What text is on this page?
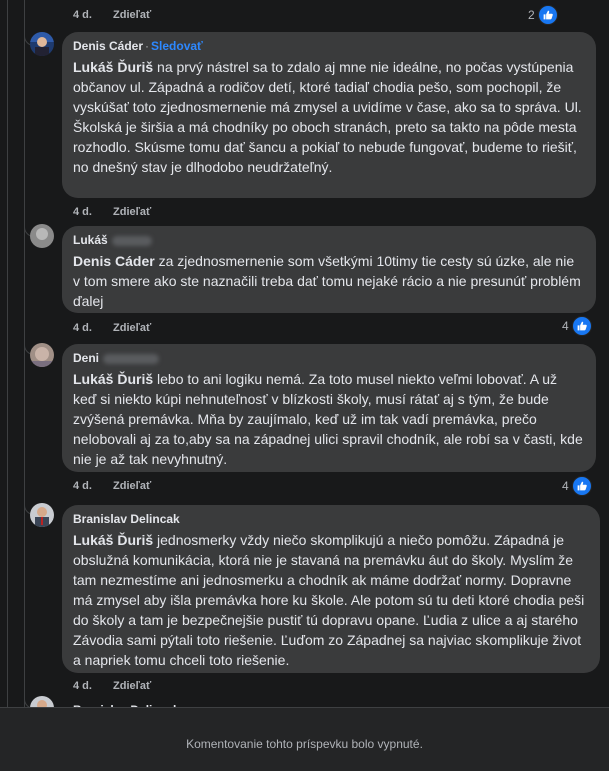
4 d. Zdieľať	2
Denis Cáder · Sledovať
Lukáš Ďuriš na prvý nástrel sa to zdalo aj mne nie ideálne, no počas vystúpenia občanov ul. Západná a rodičov detí, ktoré tadiaľ chodia pešo, som pochopil, že vyskúšať toto zjednosmernenie má zmysel a uvidíme v čase, ako sa to správa. Ul. Školská je širšia a má chodníky po oboch stranách, preto sa takto na pôde mesta rozhodlo. Skúsme tomu dať šancu a pokiaľ to nebude fungovať, budeme to riešiť, no dnešný stav je dlhodobo neudržateľný.
4 d. Zdieľať
Lukáš
Denis Cáder za zjednosmernenie som všetkými 10timy tie cesty sú úzke, ale nie v tom smere ako ste naznačili treba dať tomu nejaké rácio a nie presunúť problém ďalej
4 d. Zdieľať	4
Deni
Lukáš Ďuriš lebo to ani logiku nemá. Za toto musel niekto veľmi lobovať. A už keď si niekto kúpi nehnuteľnosť v blízkosti školy, musí rátať aj s tým, že bude zvýšená premávka. Mňa by zaujímalo, keď už im tak vadí premávka, prečo nelobovali aj za to,aby sa na západnej ulici spravil chodník, ale robí sa v časti, kde nie je až tak nevyhnutný.
4 d. Zdieľať	4
Branislav Delincak
Lukáš Ďuriš jednosmerky vždy niečo skomplikujú a niečo pomôžu. Západná je obslužná komunikácia, ktorá nie je stavaná na premávku áut do školy. Myslím že tam nezmestíme ani jednosmerku a chodník ak máme dodržať normy. Dopravne má zmysel aby išla premávka hore ku škole. Ale potom sú tu deti ktoré chodia peši do školy a tam je bezpečnejšie pustiť tú dopravu opane. Ľudia z ulice a aj starého Závodia sami pýtali toto riešenie. Ľuďom zo Západnej sa najviac skomplikuje život a napriek tomu chceli toto riešenie.
4 d. Zdieľať
Komentovanie tohto príspevku bolo vypnuté.
